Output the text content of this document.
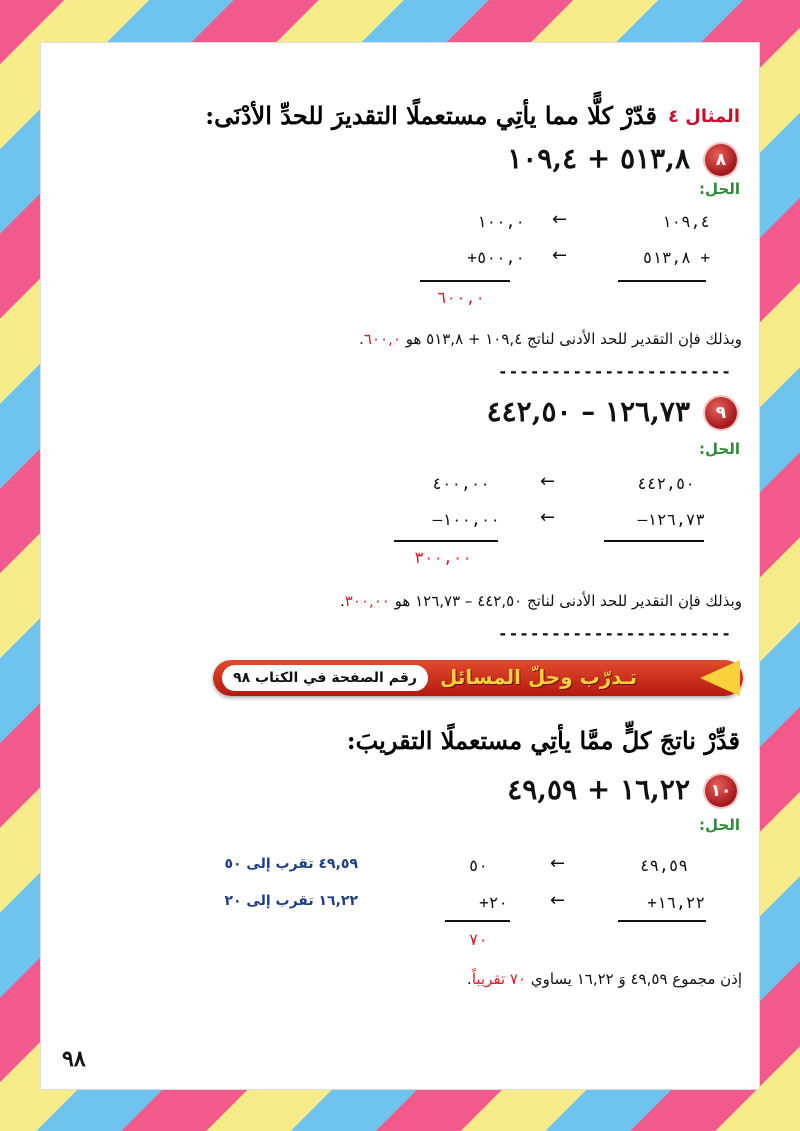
المثال ٤
قدّرْ كلًّا مما يأتِي مستعملًا التقديرَ للحدِّ الأدْنَى:
٨
٥١٣,٨ + ١٠٩,٤
الحل:
١٠٩,٤
←
١٠٠,٠
+ ٥١٣,٨
←
٥٠٠,٠+
٦٠٠,٠
وبذلك فإن التقدير للحد الأدنى لناتج ١٠٩,٤ + ٥١٣,٨ هو ٦٠٠,٠.
----------------------
٩
١٢٦,٧٣ – ٤٤٢,٥٠
الحل:
٤٤٢,٥٠
←
٤٠٠,٠٠
١٢٦,٧٣–
←
١٠٠,٠٠–
٣٠٠,٠٠
وبذلك فإن التقدير للحد الأدنى لناتج ٤٤٢,٥٠ – ١٢٦,٧٣ هو ٣٠٠,٠٠.
----------------------
تـدرّب وحلّ المسائل
رقم الصفحة في الكتاب ٩٨
قدِّرْ ناتجَ كلٍّ ممَّا يأتِي مستعملًا التقريبَ:
١٠
١٦,٢٢ + ٤٩,٥٩
الحل:
٤٩,٥٩
←
٥٠
٤٩,٥٩ تقرب إلى ٥٠
١٦,٢٢+
←
٢٠+
١٦,٢٢ تقرب إلى ٢٠
٧٠
إذن مجموع ٤٩,٥٩ وَ ١٦,٢٢ يساوي ٧٠ تقريباً.
٩٨
